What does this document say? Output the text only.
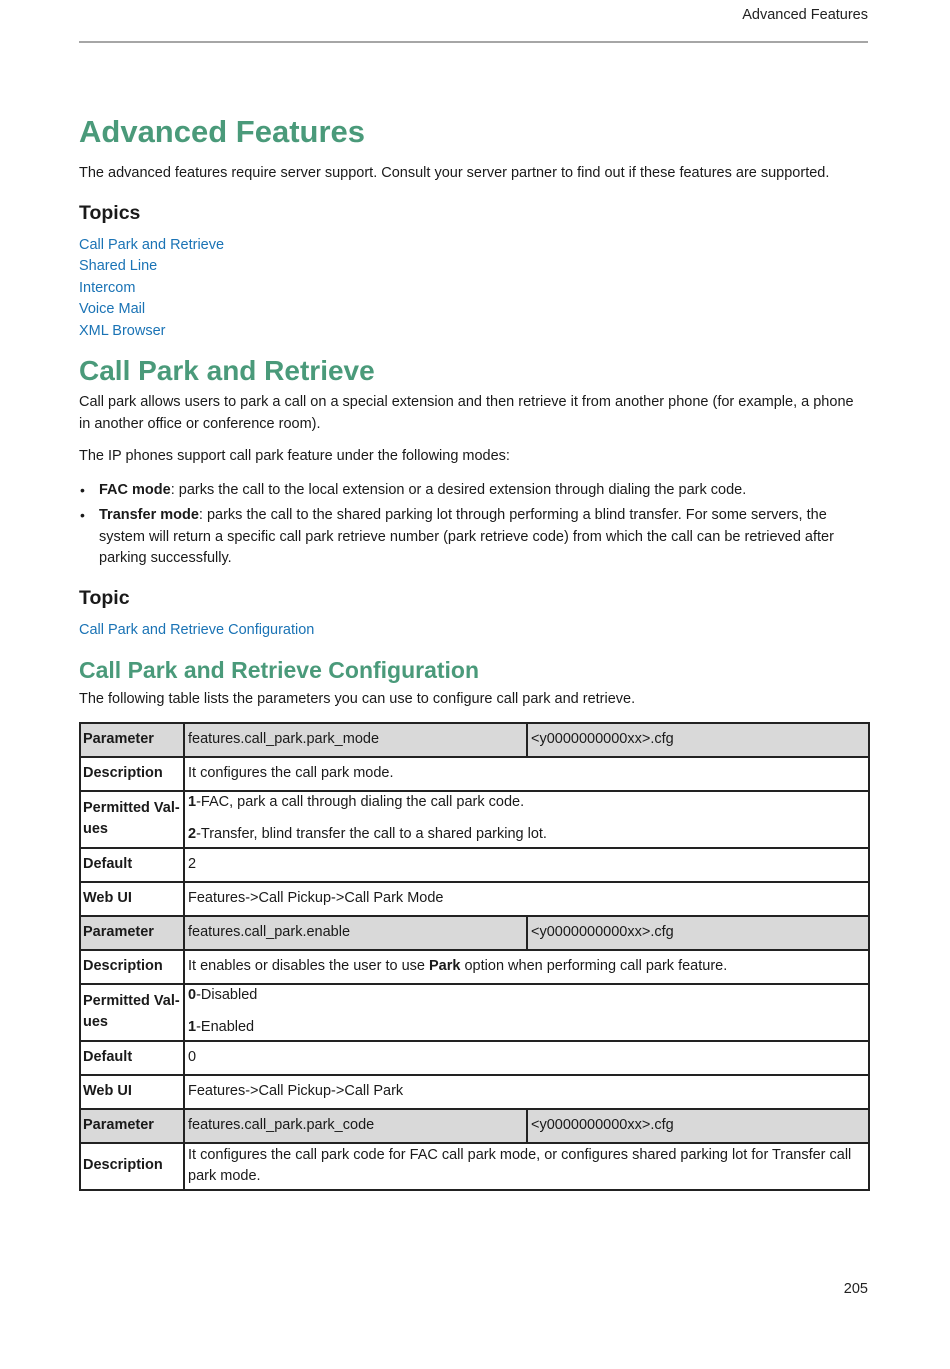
Advanced Features
Advanced Features

The advanced features require server support. Consult your server partner to find out if these features are supported.

Topics
Call Park and Retrieve
Shared Line
Intercom
Voice Mail
XML Browser
Call Park and Retrieve

Call park allows users to park a call on a special extension and then retrieve it from another phone (for example, a phone in another office or conference room).

The IP phones support call park feature under the following modes:

• FAC mode: parks the call to the local extension or a desired extension through dialing the park code.
• Transfer mode: parks the call to the shared parking lot through performing a blind transfer. For some servers, the system will return a specific call park retrieve number (park retrieve code) from which the call can be retrieved after parking successfully.
Topic
Call Park and Retrieve Configuration
Call Park and Retrieve Configuration

The following table lists the parameters you can use to configure call park and retrieve.

Parameter	features.call_park.park_mode	<y0000000000xx>.cfg
Description	It configures the call park mode.	
Permitted Val-ues	1-FAC, park a call through dialing the call park code.
2-Transfer, blind transfer the call to a shared parking lot.	

Default	2	
Web UI	Features->Call Pickup->Call Park Mode	
Parameter	features.call_park.enable	<y0000000000xx>.cfg
Description	It enables or disables the user to use Park option when performing call park feature.	
Permitted Val-ues	0-Disabled
1-Enabled	

Default	0	
Web UI	Features->Call Pickup->Call Park	
Parameter	features.call_park.park_code	<y0000000000xx>.cfg
Description	It configures the call park code for FAC call park mode, or configures shared parking lot for Transfer call park mode.	
205
